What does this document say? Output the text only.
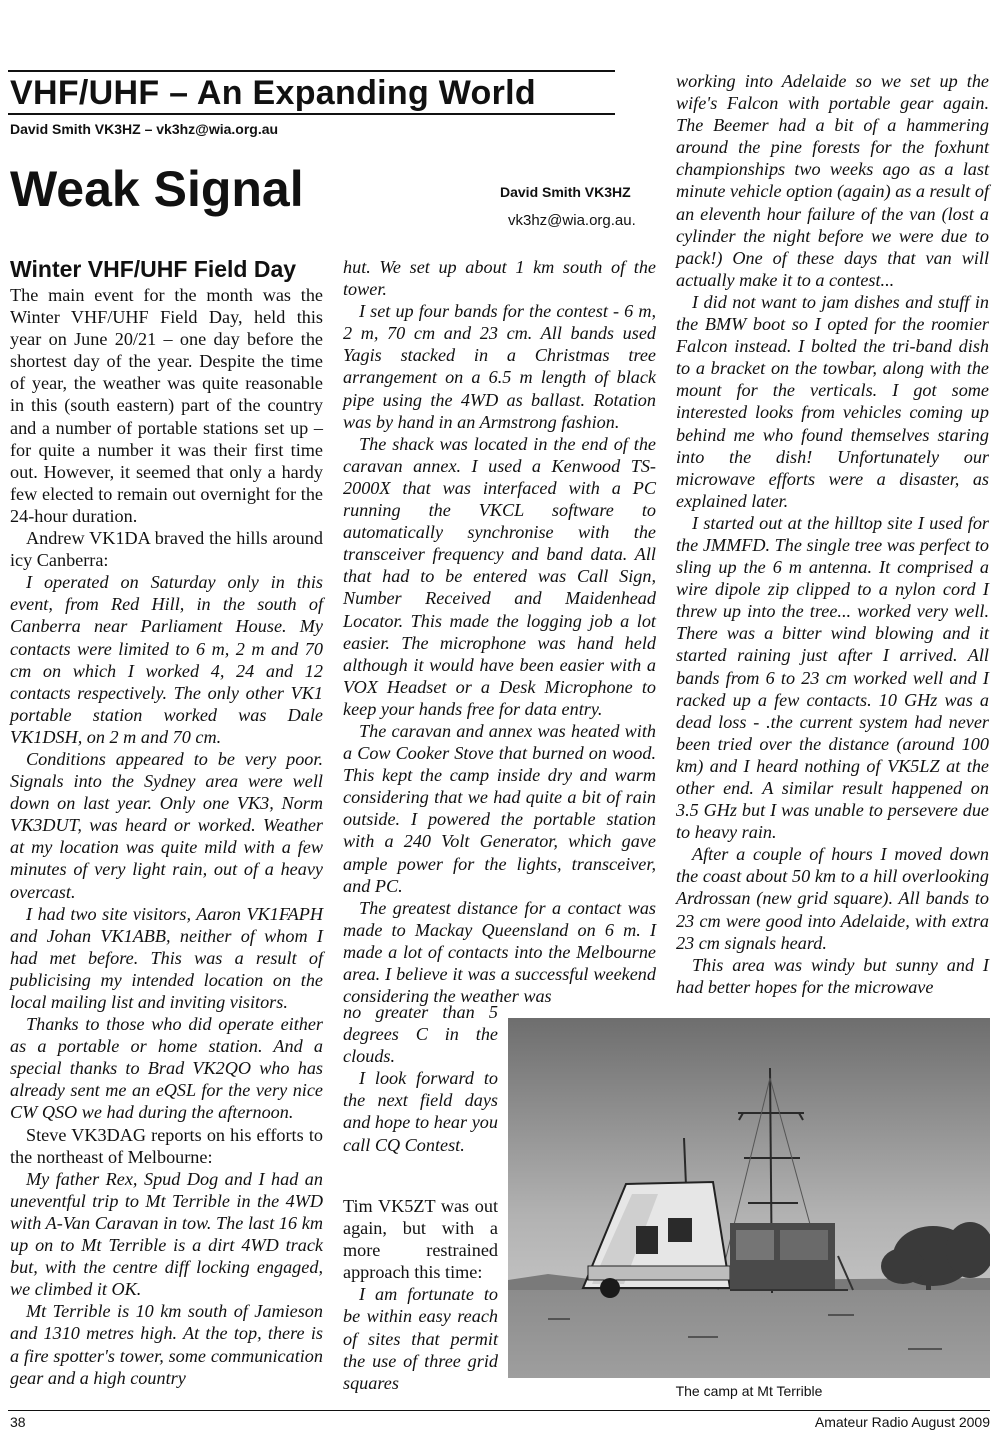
VHF/UHF – An Expanding World
David Smith VK3HZ – vk3hz@wia.org.au
Weak Signal	David Smith VK3HZ
vk3hz@wia.org.au.
Winter VHF/UHF Field Day

The main event for the month was the Winter VHF/UHF Field Day, held this year on June 20/21 – one day before the shortest day of the year. Despite the time of year, the weather was quite reasonable in this (south eastern) part of the country and a number of portable stations set up – for quite a number it was their first time out. However, it seemed that only a hardy few elected to remain out overnight for the 24-hour duration.

Andrew VK1DA braved the hills around icy Canberra:

I operated on Saturday only in this event, from Red Hill, in the south of Canberra near Parliament House. My contacts were limited to 6 m, 2 m and 70 cm on which I worked 4, 24 and 12 contacts respectively. The only other VK1 portable station worked was Dale VK1DSH, on 2 m and 70 cm.

Conditions appeared to be very poor. Signals into the Sydney area were well down on last year. Only one VK3, Norm VK3DUT, was heard or worked. Weather at my location was quite mild with a few minutes of very light rain, out of a heavy overcast.

I had two site visitors, Aaron VK1FAPH and Johan VK1ABB, neither of whom I had met before. This was a result of publicising my intended location on the local mailing list and inviting visitors.

Thanks to those who did operate either as a portable or home station. And a special thanks to Brad VK2QO who has already sent me an eQSL for the very nice CW QSO we had during the afternoon.

Steve VK3DAG reports on his efforts to the northeast of Melbourne:

My father Rex, Spud Dog and I had an uneventful trip to Mt Terrible in the 4WD with A-Van Caravan in tow. The last 16 km up on to Mt Terrible is a dirt 4WD track but, with the centre diff locking engaged, we climbed it OK.

Mt Terrible is 10 km south of Jamieson and 1310 metres high. At the top, there is a fire spotter's tower, some communication gear and a high country

hut. We set up about 1 km south of the tower.

I set up four bands for the contest - 6 m, 2 m, 70 cm and 23 cm. All bands used Yagis stacked in a Christmas tree arrangement on a 6.5 m length of black pipe using the 4WD as ballast. Rotation was by hand in an Armstrong fashion.

The shack was located in the end of the caravan annex. I used a Kenwood TS-2000X that was interfaced with a PC running the VKCL software to automatically synchronise with the transceiver frequency and band data. All that had to be entered was Call Sign, Number Received and Maidenhead Locator. This made the logging job a lot easier. The microphone was hand held although it would have been easier with a VOX Headset or a Desk Microphone to keep your hands free for data entry.

The caravan and annex was heated with a Cow Cooker Stove that burned on wood. This kept the camp inside dry and warm considering that we had quite a bit of rain outside. I powered the portable station with a 240 Volt Generator, which gave ample power for the lights, transceiver, and PC.

The greatest distance for a contact was made to Mackay Queensland on 6 m. I made a lot of contacts into the Melbourne area. I believe it was a successful weekend considering the weather was

no greater than 5 degrees C in the clouds.

I look forward to the next field days and hope to hear you call CQ Contest.

Tim VK5ZT was out again, but with a more restrained approach this time:

I am fortunate to be within easy reach of sites that permit the use of three grid squares

working into Adelaide so we set up the wife's Falcon with portable gear again. The Beemer had a bit of a hammering around the pine forests for the foxhunt championships two weeks ago as a last minute vehicle option (again) as a result of an eleventh hour failure of the van (lost a cylinder the night before we were due to pack!) One of these days that van will actually make it to a contest...

I did not want to jam dishes and stuff in the BMW boot so I opted for the roomier Falcon instead. I bolted the tri-band dish to a bracket on the towbar, along with the mount for the verticals. I got some interested looks from vehicles coming up behind me who found themselves staring into the dish! Unfortunately our microwave efforts were a disaster, as explained later.

I started out at the hilltop site I used for the JMMFD. The single tree was perfect to sling up the 6 m antenna. It comprised a wire dipole zip clipped to a nylon cord I threw up into the tree... worked very well. There was a bitter wind blowing and it started raining just after I arrived. All bands from 6 to 23 cm worked well and I racked up a few contacts. 10 GHz was a dead loss - .the current system had never been tried over the distance (around 100 km) and I heard nothing of VK5LZ at the other end. A similar result happened on 3.5 GHz but I was unable to persevere due to heavy rain.

After a couple of hours I moved down the coast about 50 km to a hill overlooking Ardrossan (new grid square). All bands to 23 cm were good into Adelaide, with extra 23 cm signals heard.

This area was windy but sunny and I had better hopes for the microwave

The camp at Mt Terrible
38	Amateur Radio August 2009
